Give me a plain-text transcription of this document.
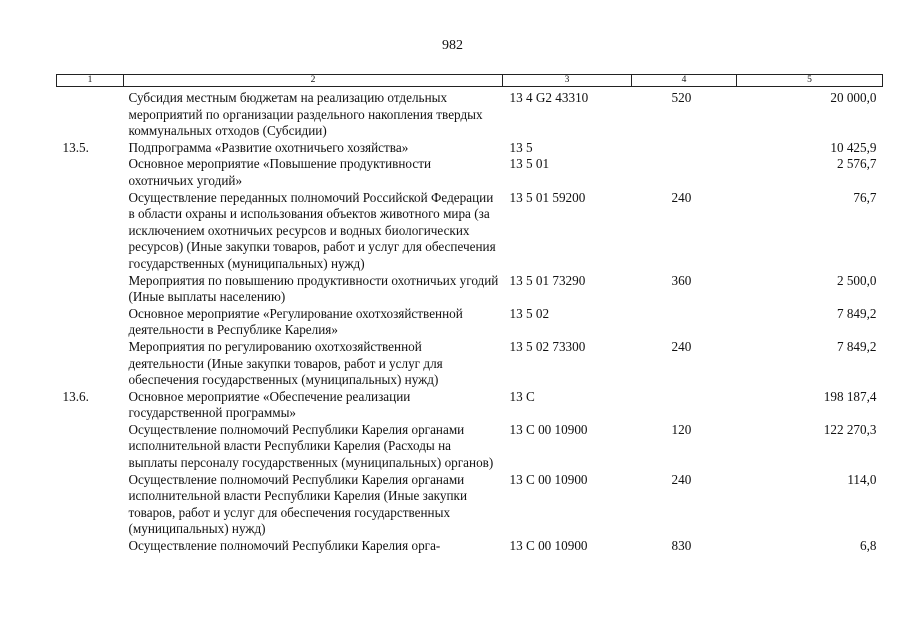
982
1	2	3	4	5
	Субсидия местным бюджетам на реализацию отдельных мероприятий по организации раздельного накопления твердых коммунальных отходов (Субсидии)	13 4 G2 43310	520	20 000,0
13.5.	Подпрограмма «Развитие охотничьего хозяйства»	13 5		10 425,9
	Основное мероприятие «Повышение продуктивности охотничьих угодий»	13 5 01		2 576,7
	Осуществление переданных полномочий Российской Федерации в области охраны и использования объектов животного мира (за исключением охотничьих ресурсов и водных биологических ресурсов) (Иные закупки товаров, работ и услуг для обеспечения государственных (муниципальных) нужд)	13 5 01 59200	240	76,7
	Мероприятия по повышению продуктивности охотничьих угодий (Иные выплаты населению)	13 5 01 73290	360	2 500,0
	Основное мероприятие «Регулирование охотхозяйственной деятельности в Республике Карелия»	13 5 02		7 849,2
	Мероприятия по регулированию охотхозяйственной деятельности (Иные закупки товаров, работ и услуг для обеспечения государственных (муниципальных) нужд)	13 5 02 73300	240	7 849,2
13.6.	Основное мероприятие «Обеспечение реализации государственной программы»	13 С		198 187,4
	Осуществление полномочий Республики Карелия органами исполнительной власти Республики Карелия (Расходы на выплаты персоналу государственных (муниципальных) органов)	13 С 00 10900	120	122 270,3
	Осуществление полномочий Республики Карелия органами исполнительной власти Республики Карелия (Иные закупки товаров, работ и услуг для обеспечения государственных (муниципальных) нужд)	13 С 00 10900	240	114,0
	Осуществление полномочий Республики Карелия орга-	13 С 00 10900	830	6,8
